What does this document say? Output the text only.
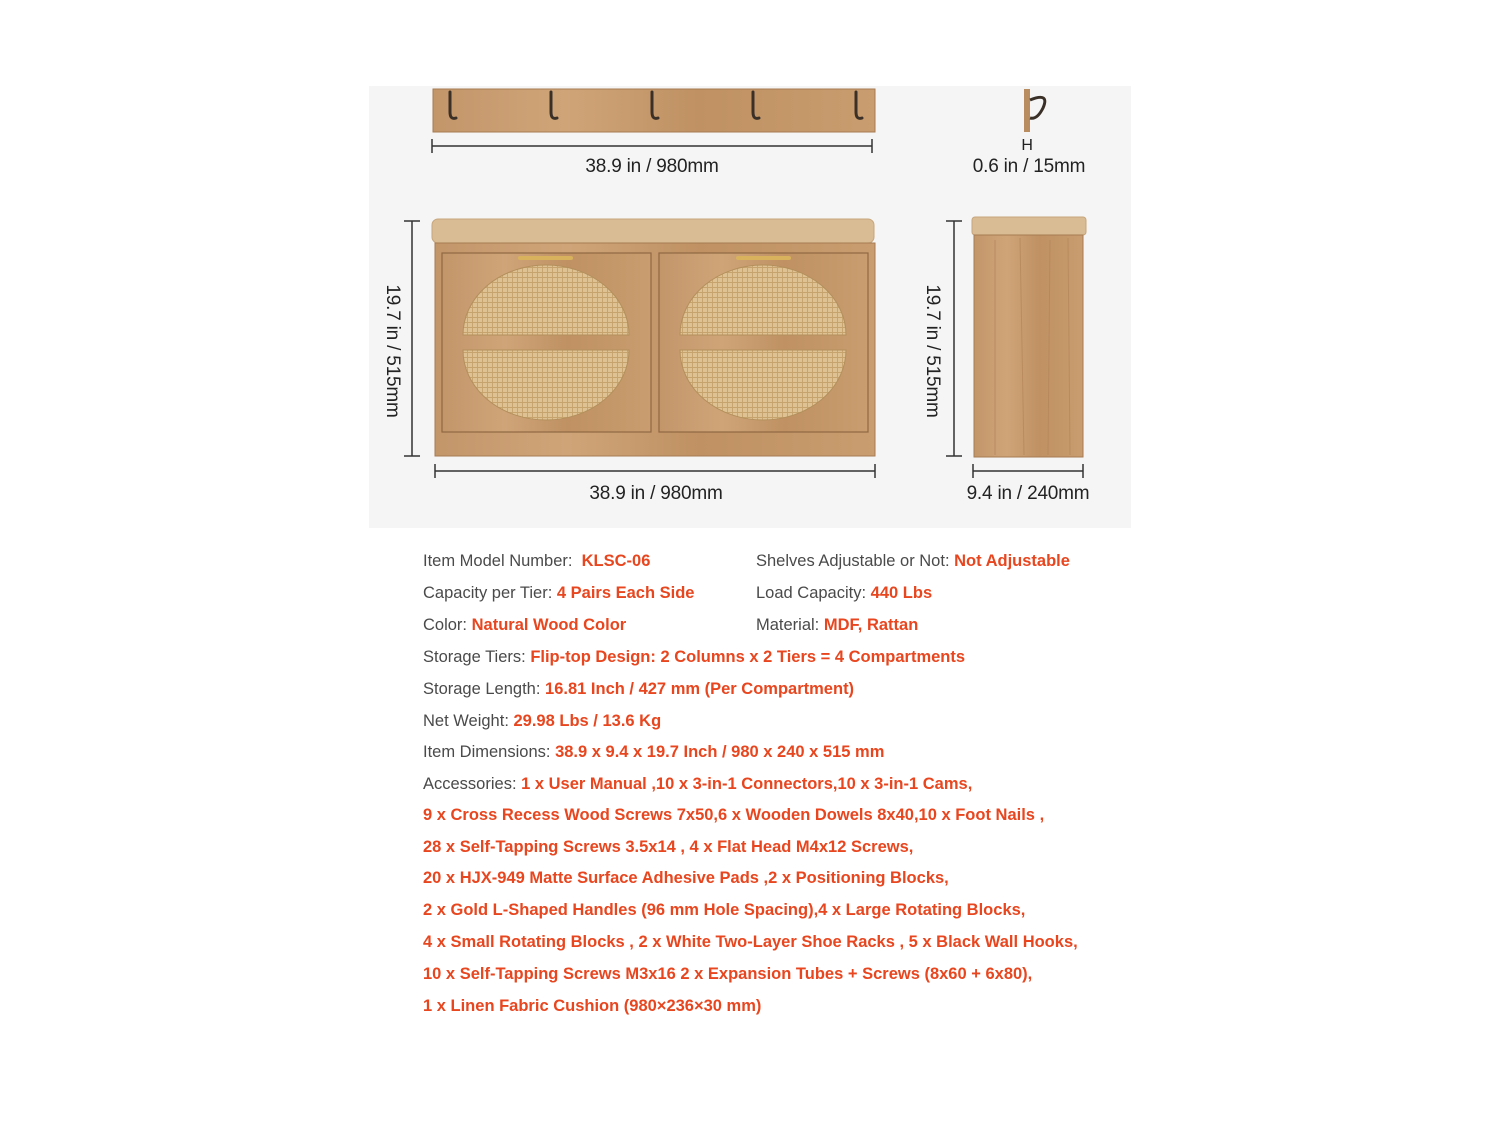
38.9 in / 980mm
H
0.6 in / 15mm
19.7 in / 515mm
38.9 in / 980mm
19.7 in / 515mm
9.4 in / 240mm
Item Model Number: KLSC-06	Shelves Adjustable or Not: Not Adjustable
Capacity per Tier: 4 Pairs Each Side	Load Capacity: 440 Lbs
Color: Natural Wood Color	Material: MDF, Rattan
Storage Tiers: Flip-top Design: 2 Columns x 2 Tiers = 4 Compartments
Storage Length: 16.81 Inch / 427 mm (Per Compartment)
Net Weight: 29.98 Lbs / 13.6 Kg
Item Dimensions: 38.9 x 9.4 x 19.7 Inch / 980 x 240 x 515 mm
Accessories: 1 x User Manual ,10 x 3-in-1 Connectors,10 x 3-in-1 Cams,
9 x Cross Recess Wood Screws 7x50,6 x Wooden Dowels 8x40,10 x Foot Nails ,
28 x Self-Tapping Screws 3.5x14 , 4 x Flat Head M4x12 Screws,
20 x HJX-949 Matte Surface Adhesive Pads ,2 x Positioning Blocks,
2 x Gold L-Shaped Handles (96 mm Hole Spacing),4 x Large Rotating Blocks,
4 x Small Rotating Blocks , 2 x White Two-Layer Shoe Racks , 5 x Black Wall Hooks,
10 x Self-Tapping Screws M3x16 2 x Expansion Tubes + Screws (8x60 + 6x80),
1 x Linen Fabric Cushion (980×236×30 mm)
